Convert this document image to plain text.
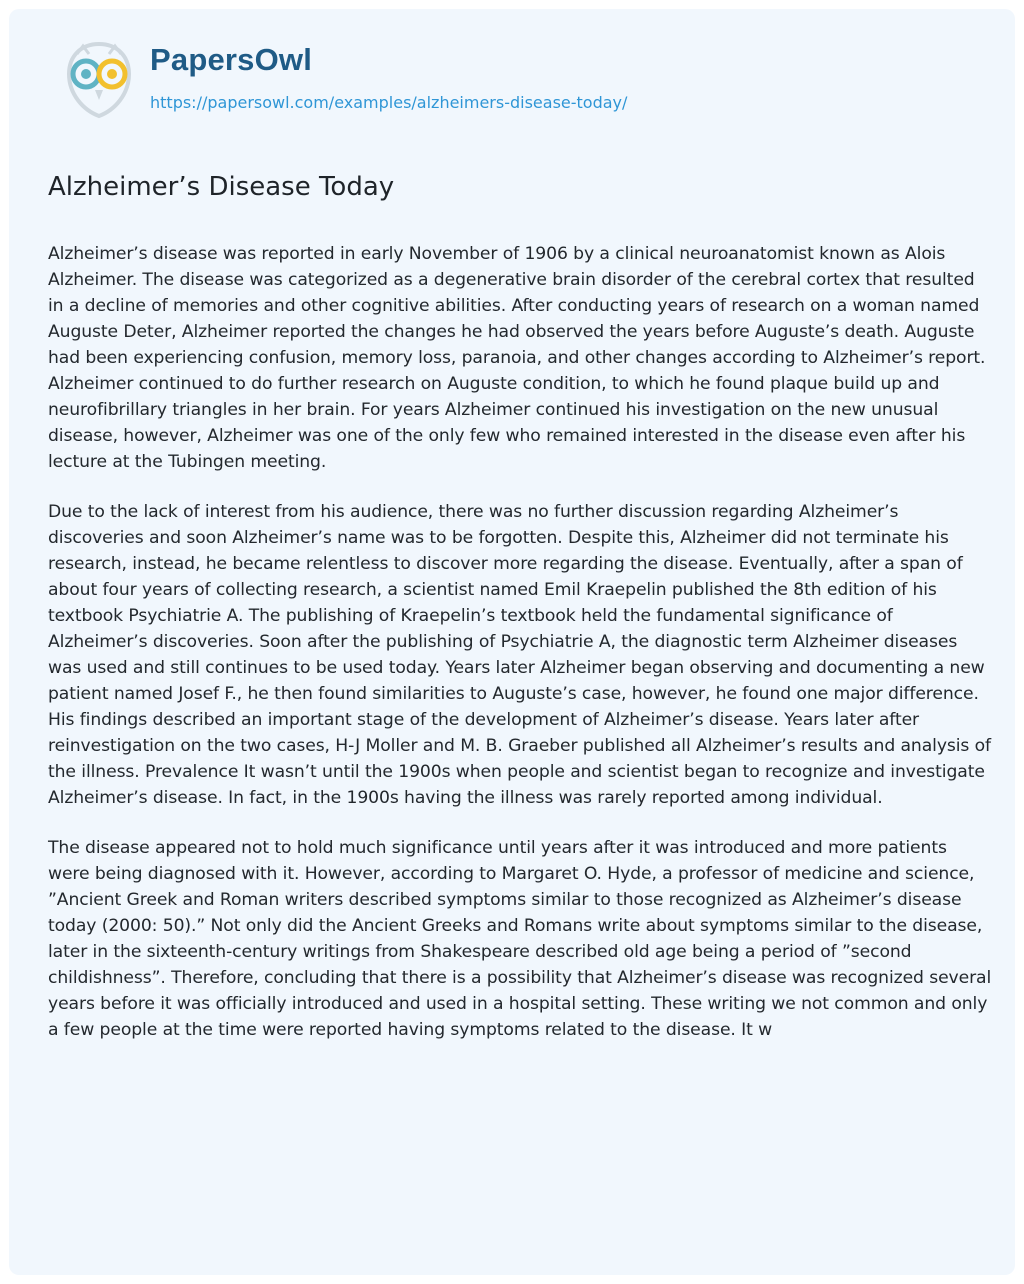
PapersOwl
https://papersowl.com/examples/alzheimers-disease-today/
Alzheimer’s Disease Today

Alzheimer’s disease was reported in early November of 1906 by a clinical neuroanatomist known as Alois Alzheimer. The disease was categorized as a degenerative brain disorder of the cerebral cortex that resulted in a decline of memories and other cognitive abilities. After conducting years of research on a woman named Auguste Deter, Alzheimer reported the changes he had observed the years before Auguste’s death. Auguste had been experiencing confusion, memory loss, paranoia, and other changes according to Alzheimer’s report. Alzheimer continued to do further research on Auguste condition, to which he found plaque build up and neurofibrillary triangles in her brain. For years Alzheimer continued his investigation on the new unusual disease, however, Alzheimer was one of the only few who remained interested in the disease even after his lecture at the Tubingen meeting.

Due to the lack of interest from his audience, there was no further discussion regarding Alzheimer’s discoveries and soon Alzheimer’s name was to be forgotten. Despite this, Alzheimer did not terminate his research, instead, he became relentless to discover more regarding the disease. Eventually, after a span of about four years of collecting research, a scientist named Emil Kraepelin published the 8th edition of his textbook Psychiatrie A. The publishing of Kraepelin’s textbook held the fundamental significance of Alzheimer’s discoveries. Soon after the publishing of Psychiatrie A, the diagnostic term Alzheimer diseases was used and still continues to be used today. Years later Alzheimer began observing and documenting a new patient named Josef F., he then found similarities to Auguste’s case, however, he found one major difference. His findings described an important stage of the development of Alzheimer’s disease. Years later after reinvestigation on the two cases, H-J Moller and M. B. Graeber published all Alzheimer’s results and analysis of the illness. Prevalence It wasn’t until the 1900s when people and scientist began to recognize and investigate Alzheimer’s disease. In fact, in the 1900s having the illness was rarely reported among individual.

The disease appeared not to hold much significance until years after it was introduced and more patients were being diagnosed with it. However, according to Margaret O. Hyde, a professor of medicine and science, ”Ancient Greek and Roman writers described symptoms similar to those recognized as Alzheimer’s disease today (2000: 50).” Not only did the Ancient Greeks and Romans write about symptoms similar to the disease, later in the sixteenth-century writings from Shakespeare described old age being a period of ”second childishness”. Therefore, concluding that there is a possibility that Alzheimer’s disease was recognized several years before it was officially introduced and used in a hospital setting. These writing we not common and only a few people at the time were reported having symptoms related to the disease. It w
